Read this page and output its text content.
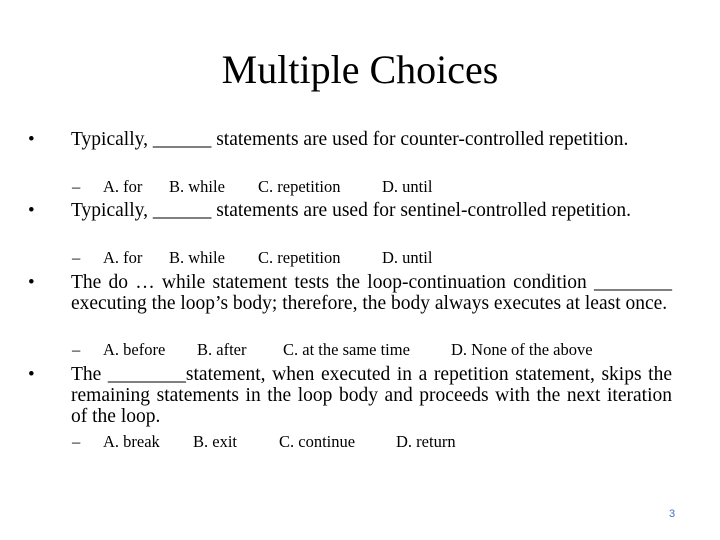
Multiple Choices
• Typically, ______ statements are used for counter-controlled repetition.
– A. for B. while C. repetition	D. until
• Typically, ______ statements are used for sentinel-controlled repetition.
– A. for B. while C. repetition	D. until
• The do … while statement tests the loop-continuation condition ________ executing the loop’s body; therefore, the body always executes at least once.
– A. before B. after C. at the same time D. None of the above
• The ________statement, when executed in a repetition statement, skips the remaining statements in the loop body and proceeds with the next iteration of the loop.
– A. break B. exit	C. continue D. return
3
